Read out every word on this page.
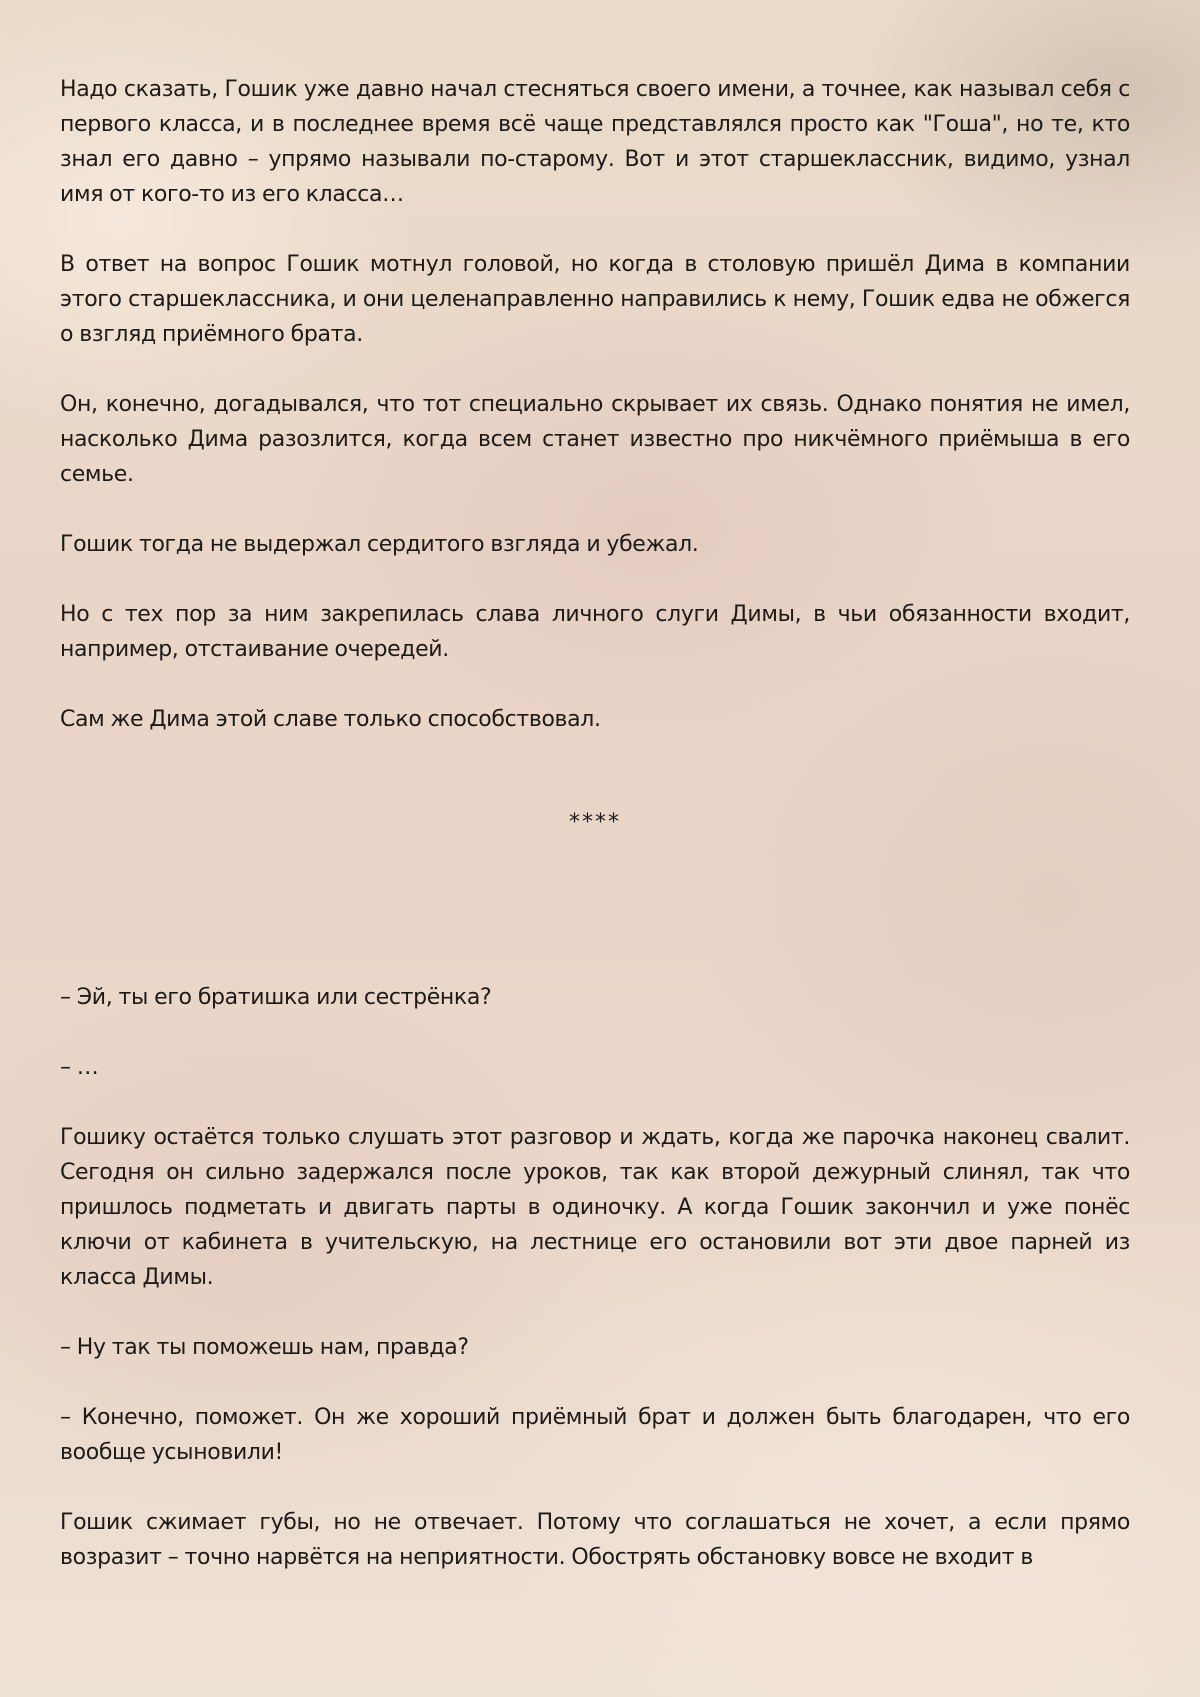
Надо сказать, Гошик уже давно начал стесняться своего имени, а точнее, как называл себя с первого класса, и в последнее время всё чаще представлялся просто как "Гоша", но те, кто знал его давно – упрямо называли по-старому. Вот и этот старшеклассник, видимо, узнал имя от кого-то из его класса…

В ответ на вопрос Гошик мотнул головой, но когда в столовую пришёл Дима в компании этого старшеклассника, и они целенаправленно направились к нему, Гошик едва не обжегся о взгляд приёмного брата.

Он, конечно, догадывался, что тот специально скрывает их связь. Однако понятия не имел, насколько Дима разозлится, когда всем станет известно про никчёмного приёмыша в его семье.

Гошик тогда не выдержал сердитого взгляда и убежал.

Но с тех пор за ним закрепилась слава личного слуги Димы, в чьи обязанности входит, например, отстаивание очередей.

Сам же Дима этой славе только способствовал.

****

– Эй, ты его братишка или сестрёнка?

– …

Гошику остаётся только слушать этот разговор и ждать, когда же парочка наконец свалит. Сегодня он сильно задержался после уроков, так как второй дежурный слинял, так что пришлось подметать и двигать парты в одиночку. А когда Гошик закончил и уже понёс ключи от кабинета в учительскую, на лестнице его остановили вот эти двое парней из класса Димы.

– Ну так ты поможешь нам, правда?

– Конечно, поможет. Он же хороший приёмный брат и должен быть благодарен, что его вообще усыновили!

Гошик сжимает губы, но не отвечает. Потому что соглашаться не хочет, а если прямо возразит – точно нарвётся на неприятности. Обострять обстановку вовсе не входит в
